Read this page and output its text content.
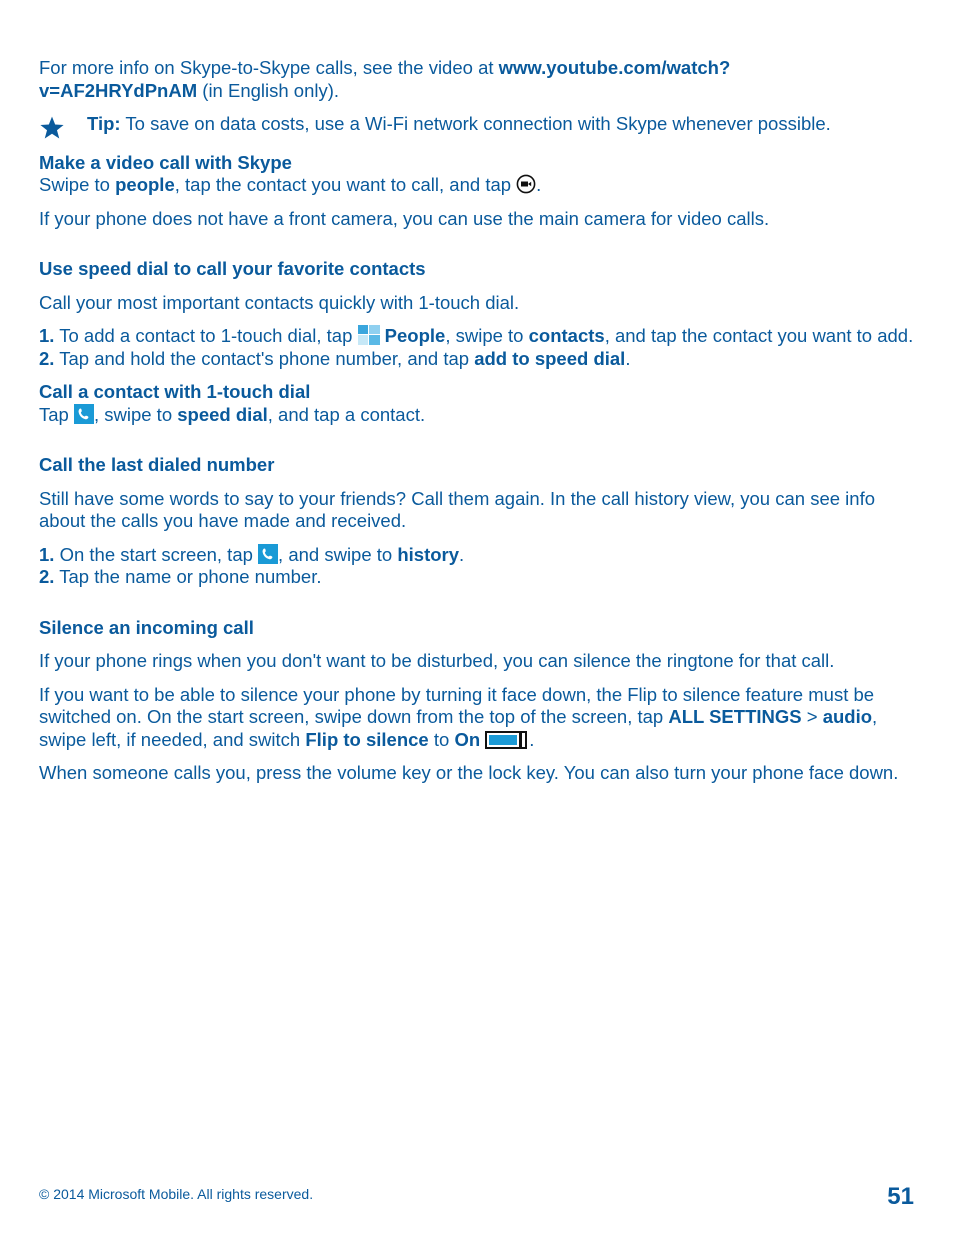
For more info on Skype-to-Skype calls, see the video at www.youtube.com/watch?
v=AF2HRYdPnAM (in English only).

Tip: To save on data costs, use a Wi-Fi network connection with Skype whenever possible.
Make a video call with Skype

Swipe to people, tap the contact you want to call, and tap .

If your phone does not have a front camera, you can use the main camera for video calls.

Use speed dial to call your favorite contacts

Call your most important contacts quickly with 1-touch dial.

1. To add a contact to 1-touch dial, tap  People, swipe to contacts, and tap the contact you want to add.

2. Tap and hold the contact's phone number, and tap add to speed dial.

Call a contact with 1-touch dial

Tap , swipe to speed dial, and tap a contact.

Call the last dialed number

Still have some words to say to your friends? Call them again. In the call history view, you can see info about the calls you have made and received.

1. On the start screen, tap , and swipe to history.

2. Tap the name or phone number.

Silence an incoming call

If your phone rings when you don't want to be disturbed, you can silence the ringtone for that call.

If you want to be able to silence your phone by turning it face down, the Flip to silence feature must be switched on. On the start screen, swipe down from the top of the screen, tap ALL SETTINGS > audio, swipe left, if needed, and switch Flip to silence to On	.

When someone calls you, press the volume key or the lock key. You can also turn your phone face down.

© 2014 Microsoft Mobile. All rights reserved.	51
